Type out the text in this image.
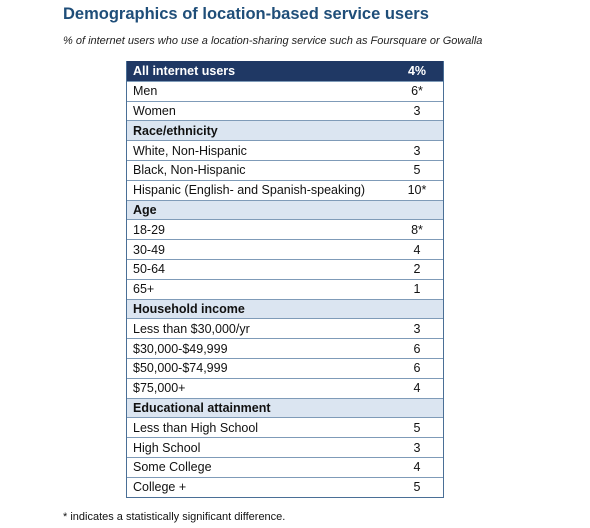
Demographics of location-based service users
% of internet users who use a location-sharing service such as Foursquare or Gowalla
All internet users	4%
Men	6*
Women	3
Race/ethnicity
White, Non-Hispanic	3
Black, Non-Hispanic	5
Hispanic (English- and Spanish-speaking)	10*
Age
18-29	8*
30-49	4
50-64	2
65+	1
Household income
Less than $30,000/yr	3
$30,000-$49,999	6
$50,000-$74,999	6
$75,000+	4
Educational attainment
Less than High School	5
High School	3
Some College	4
College +	5
* indicates a statistically significant difference.
